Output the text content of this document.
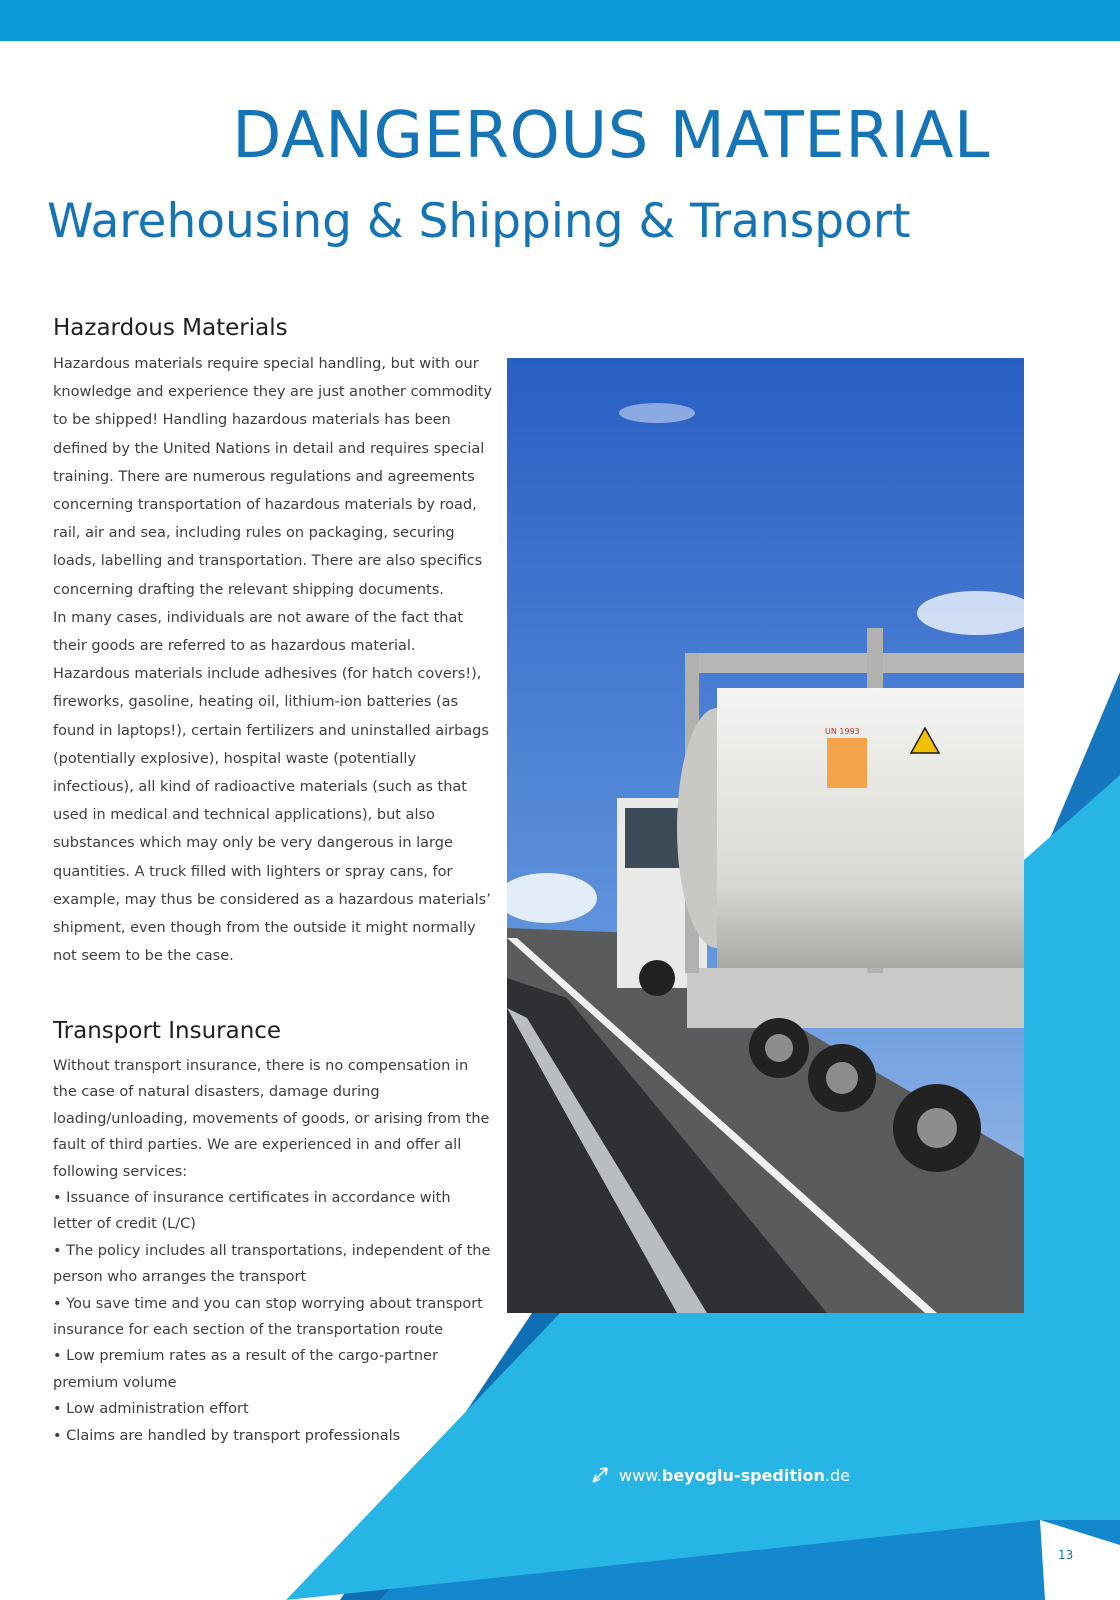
DANGEROUS MATERIAL
Warehousing & Shipping & Transport
Hazardous Materials

Hazardous materials require special handling, but with our knowledge and experience they are just another commodity to be shipped! Handling hazardous materials has been defined by the United Nations in detail and requires special training. There are numerous regulations and agreements concerning transportation of hazardous materials by road, rail, air and sea, including rules on packaging, securing loads, labelling and transportation. There are also specifics concerning drafting the relevant shipping documents.

In many cases, individuals are not aware of the fact that their goods are referred to as hazardous material. Hazardous materials include adhesives (for hatch covers!), fireworks, gasoline, heating oil, lithium-ion batteries (as found in laptops!), certain fertilizers and uninstalled airbags (potentially explosive), hospital waste (potentially infectious), all kind of radioactive materials (such as that used in medical and technical applications), but also substances which may only be very dangerous in large quantities. A truck filled with lighters or spray cans, for example, may thus be considered as a hazardous materials’ shipment, even though from the outside it might normally not seem to be the case.

Transport Insurance

Without transport insurance, there is no compensation in the case of natural disasters, damage during loading/unloading, movements of goods, or arising from the fault of third parties. We are experienced in and offer all following services:

• Issuance of insurance certificates in accordance with letter of credit (L/C)

• The policy includes all transportations, independent of the person who arranges the transport

• You save time and you can stop worrying about transport insurance for each section of the transportation route

• Low premium rates as a result of the cargo-partner premium volume

• Low administration effort

• Claims are handled by transport professionals

UN 1993
www. beyoglu-spedition .de
13
